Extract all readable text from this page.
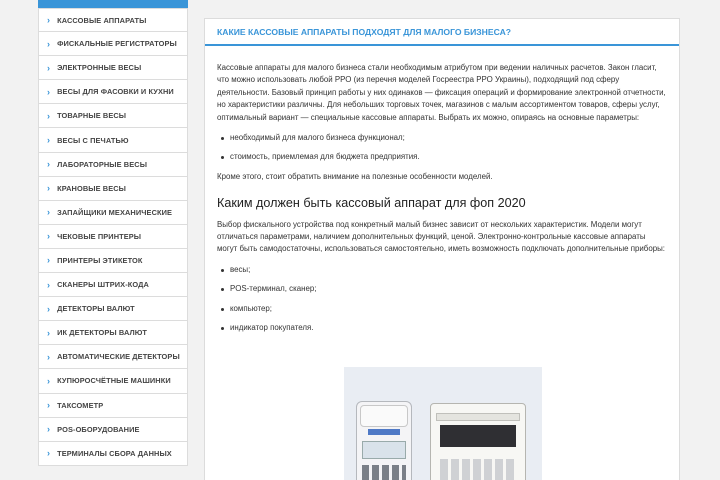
› КАССОВЫЕ АППАРАТЫ
› ФИСКАЛЬНЫЕ РЕГИСТРАТОРЫ
› ЭЛЕКТРОННЫЕ ВЕСЫ
› ВЕСЫ ДЛЯ ФАСОВКИ И КУХНИ
› ТОВАРНЫЕ ВЕСЫ
› ВЕСЫ С ПЕЧАТЬЮ
› ЛАБОРАТОРНЫЕ ВЕСЫ
› КРАНОВЫЕ ВЕСЫ
› ЗАПАЙЩИКИ МЕХАНИЧЕСКИЕ
› ЧЕКОВЫЕ ПРИНТЕРЫ
› ПРИНТЕРЫ ЭТИКЕТОК
› СКАНЕРЫ ШТРИХ-КОДА
› ДЕТЕКТОРЫ ВАЛЮТ
› ИК ДЕТЕКТОРЫ ВАЛЮТ
› АВТОМАТИЧЕСКИЕ ДЕТЕКТОРЫ
› КУПЮРОСЧЁТНЫЕ МАШИНКИ
› ТАКСОМЕТР
› POS-ОБОРУДОВАНИЕ
› ТЕРМИНАЛЫ СБОРА ДАННЫХ
КАКИЕ КАССОВЫЕ АППАРАТЫ ПОДХОДЯТ ДЛЯ МАЛОГО БИЗНЕСА?

Кассовые аппараты для малого бизнеса стали необходимым атрибутом при ведении наличных расчетов. Закон гласит, что можно использовать любой РРО (из перечня моделей Госреестра РРО Украины), подходящий под сферу деятельности. Базовый принцип работы у них одинаков — фиксация операций и формирование электронной отчетности, но характеристики различны. Для небольших торговых точек, магазинов с малым ассортиментом товаров, сферы услуг, оптимальный вариант — специальные кассовые аппараты. Выбрать их можно, опираясь на основные параметры:

необходимый для малого бизнеса функционал;
стоимость, приемлемая для бюджета предприятия.

Кроме этого, стоит обратить внимание на полезные особенности моделей.

Каким должен быть кассовый аппарат для фоп 2020

Выбор фискального устройства под конкретный малый бизнес зависит от нескольких характеристик. Модели могут отличаться параметрами, наличием дополнительных функций, ценой. Электронно-контрольные кассовые аппараты могут быть самодостаточны, использоваться самостоятельно, иметь возможность подключать дополнительные приборы:

весы;
POS-терминал, сканер;
компьютер;
индикатор покупателя.
